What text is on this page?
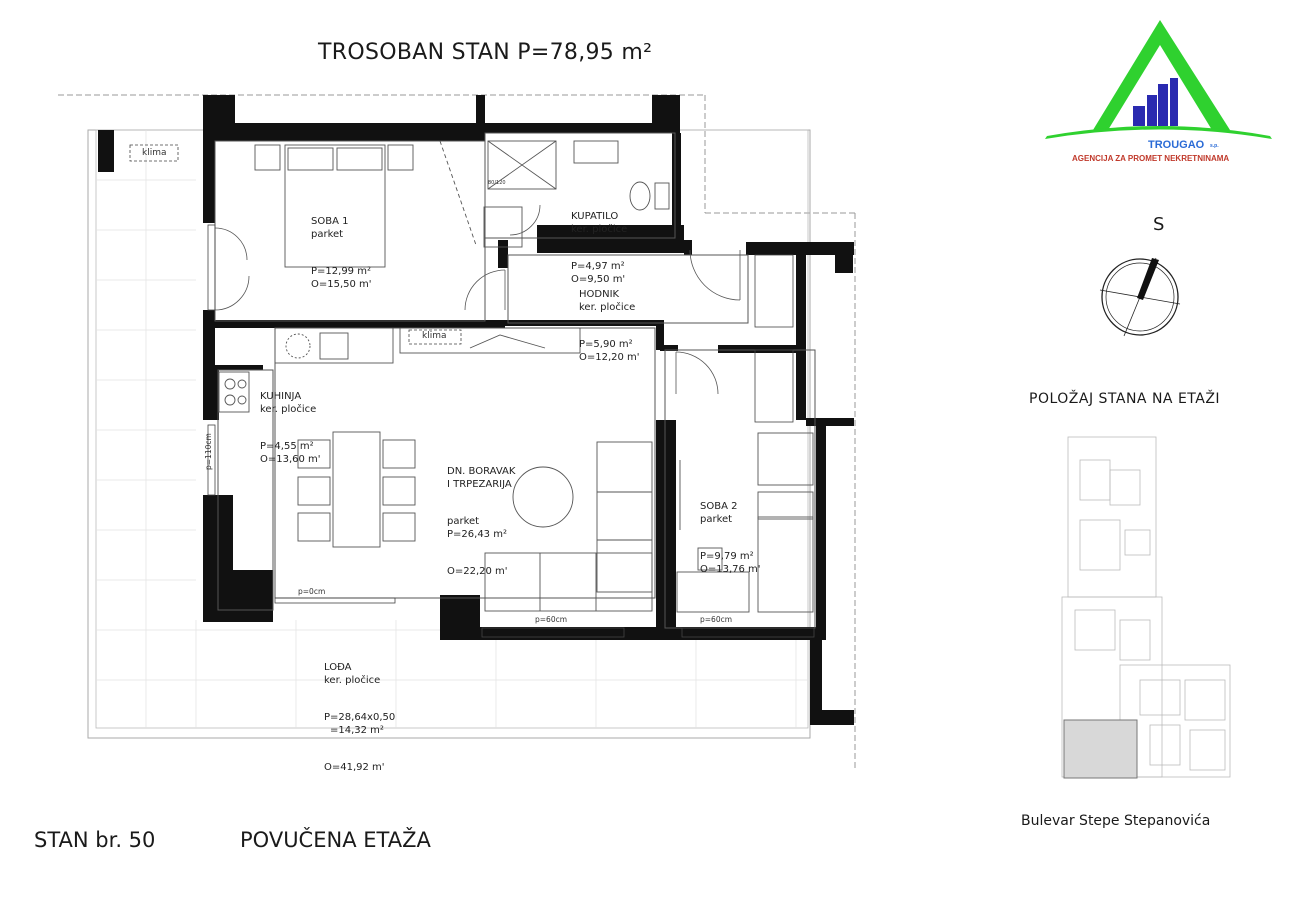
TROSOBAN STAN P=78,95 m²
TROUGAO s.p.
AGENCIJA ZA PROMET NEKRETNINAMA
S
POLOŽAJ STANA NA ETAŽI
Bulevar Stepe Stepanovića

SOBA 1
parket

P=12,99 m²
O=15,50 m'

KUPATILO
ker. pločice

P=4,97 m²
O=9,50 m'

HODNIK
ker. pločice

P=5,90 m²
O=12,20 m'

KUHINJA
ker. pločice

P=4,55 m²
O=13,60 m'

DN. BORAVAK
I TRPEZARIJA

parket
P=26,43 m²

O=22,20 m'

SOBA 2
parket

P=9,79 m²
O=13,76 m'

LOĐA
ker. pločice

P=28,64x0,50
=14,32 m²

O=41,92 m'

klima
klima
80/120
p=110cm
p=0cm
p=60cm	p=60cm
STAN br. 50	POVUČENA ETAŽA
